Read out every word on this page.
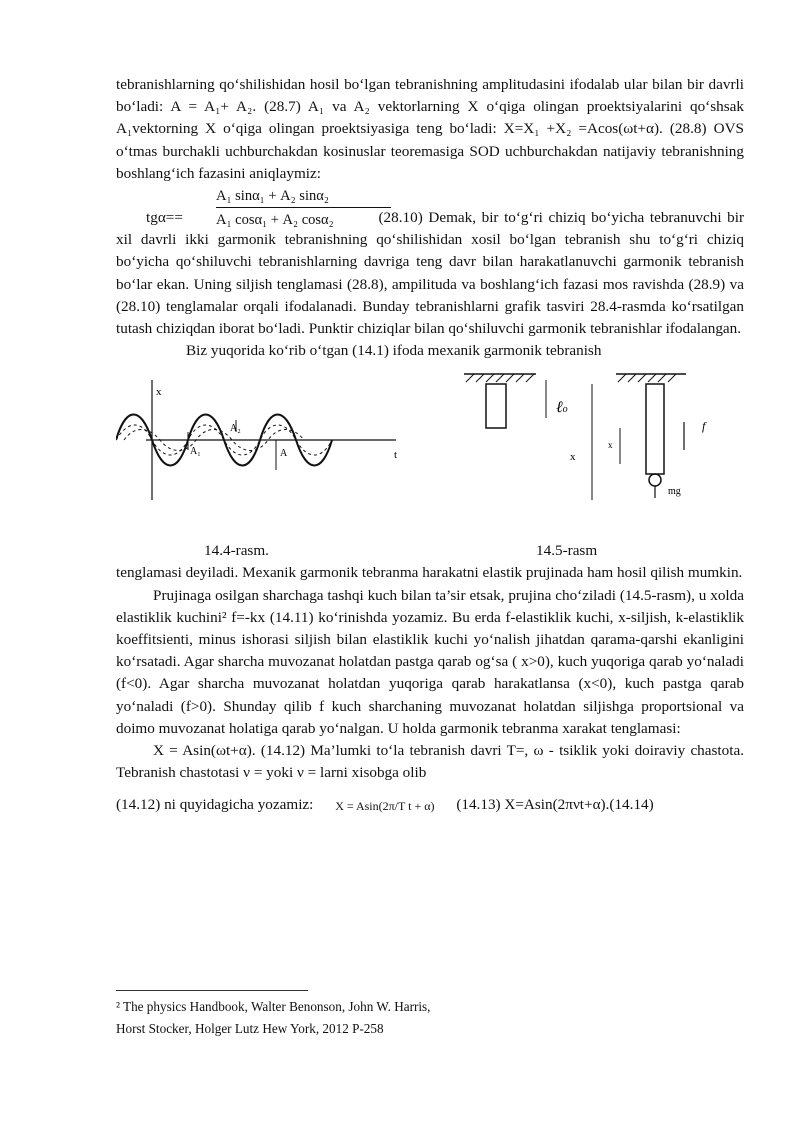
tebranishlarning qoʻshilishidan hosil boʻlgan tebranishning amplitudasini ifodalab ular bilan bir davrli boʻladi: A = A₁+ A₂. (28.7) A₁ va A₂ vektorlarning X oʻqiga olingan proektsiyalarini qoʻshsak A₁vektorning X oʻqiga olingan proektsiyasiga teng boʻladi: X=X₁ +X₂ =Acos(ωt+α). (28.8) OVS oʻtmas burchakli uchburchakdan kosinuslar teoremasiga SOD uchburchakdan natijaviy tebranishning boshlangʻich fazasini aniqlaymiz:

A₁ sinα₁ + A₂ sinα₂
A₁ cosα₁ + A₂ cosα₂

tgα==	(28.10) Demak, bir toʻgʻri chiziq boʻyicha tebranuvchi bir xil davrli ikki garmonik tebranishning qoʻshilishidan xosil boʻlgan tebranish shu toʻgʻri chiziq boʻyicha qoʻshiluvchi tebranishlarning davriga teng davr bilan harakatlanuvchi garmonik tebranish boʻlar ekan. Uning siljish tenglamasi (28.8), ampilituda va boshlangʻich fazasi mos ravishda (28.9) va (28.10) tenglamalar orqali ifodalanadi. Bunday tebranishlarni grafik tasviri 28.4-rasmda koʻrsatilgan tutash chiziqdan iborat boʻladi. Punktir chiziqlar bilan qoʻshiluvchi garmonik tebranishlar ifodalangan.

Biz yuqorida koʻrib oʻtgan (14.1) ifoda mexanik garmonik tebranish

x
t
A₁
A₂
A
ℓo
x
x
f
mg
14.4-rasm.	14.5-rasm

tenglamasi deyiladi. Mexanik garmonik tebranma harakatni elastik prujinada ham hosil qilish mumkin.

Prujinaga osilgan sharchaga tashqi kuch bilan ta’sir etsak, prujina choʻziladi (14.5-rasm), u xolda elastiklik kuchini² f=-kx (14.11) koʻrinishda yozamiz. Bu erda f-elastiklik kuchi, x-siljish, k-elastiklik koeffitsienti, minus ishorasi siljish bilan elastiklik kuchi yoʻnalish jihatdan qarama-qarshi ekanligini koʻrsatadi. Agar sharcha muvozanat holatdan pastga qarab ogʻsa ( x>0), kuch yuqoriga qarab yoʻnaladi (f<0). Agar sharcha muvozanat holatdan yuqoriga qarab harakatlansa (x<0), kuch pastga qarab yoʻnaladi (f>0). Shunday qilib f kuch sharchaning muvozanat holatdan siljishga proportsional va doimo muvozanat holatiga qarab yoʻnalgan. U holda garmonik tebranma xarakat tenglamasi:

X = Asin(ωt+α). (14.12) Ma’lumki toʻla tebranish davri T=, ω - tsiklik yoki doiraviy chastota. Tebranish chastotasi ν = yoki ν = larni xisobga olib

(14.12) ni quyidagicha yozamiz: X = Asin(2π/T t + α) (14.13) X=Asin(2πνt+α).(14.14)

² The physics Handbook, Walter Benonson, John W. Harris,
Horst Stocker, Holger Lutz Hew York, 2012 P-258
